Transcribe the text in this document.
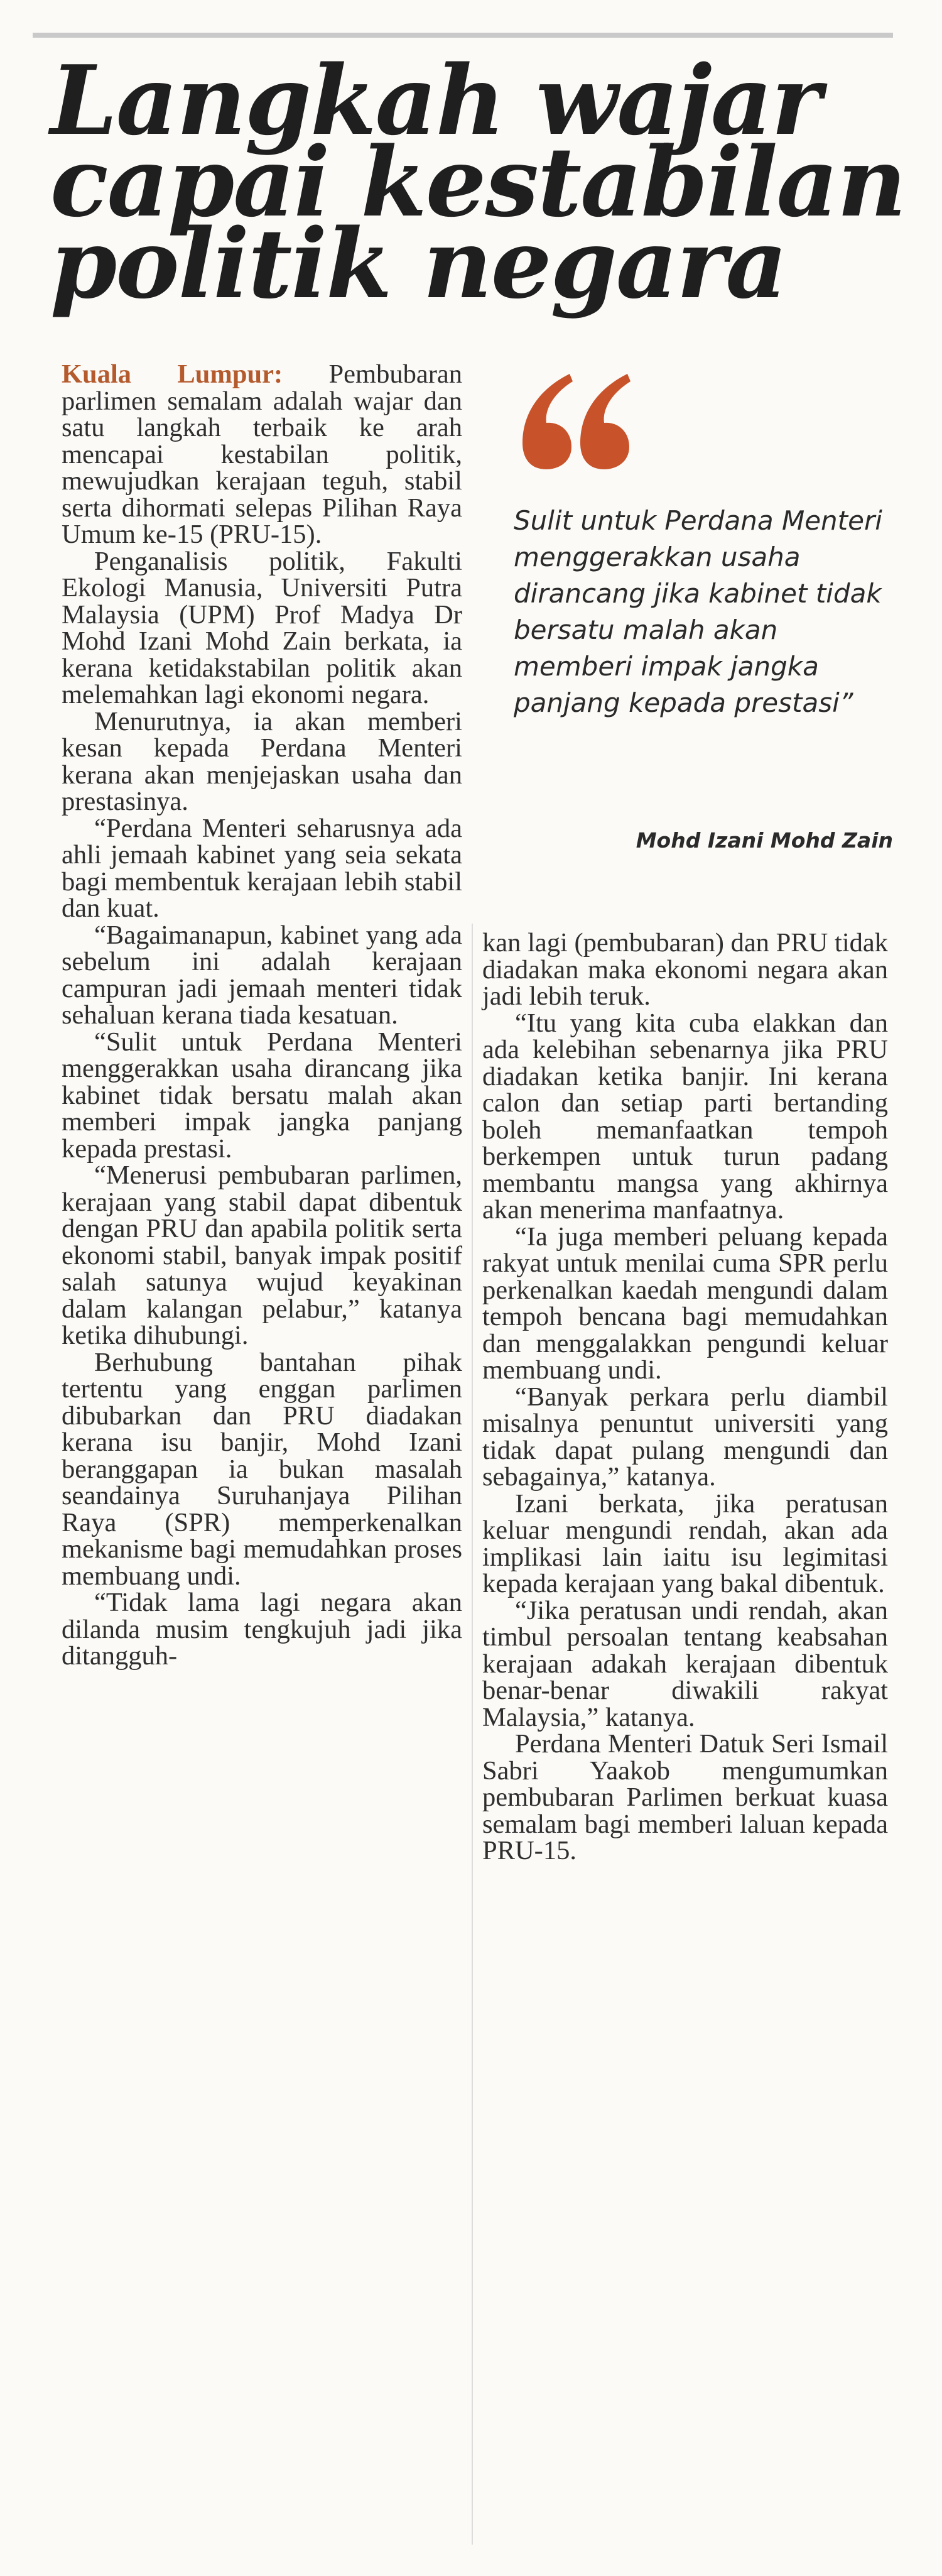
Langkah wajar
capai kestabilan
politik negara

Kuala Lumpur: Pembubaran parlimen semalam adalah wajar dan satu langkah terbaik ke arah mencapai kestabilan politik, mewujudkan kerajaan teguh, stabil serta dihormati selepas Pilihan Raya Umum ke-15 (PRU-15).

Penganalisis politik, Fakulti Ekologi Manusia, Universiti Putra Malaysia (UPM) Prof Madya Dr Mohd Izani Mohd Zain berkata, ia kerana ketidakstabilan politik akan melemahkan lagi ekonomi negara.

Menurutnya, ia akan memberi kesan kepada Perdana Menteri kerana akan menjejaskan usaha dan prestasinya.

“Perdana Menteri seharusnya ada ahli jemaah kabinet yang seia sekata bagi membentuk kerajaan lebih stabil dan kuat.

“Bagaimanapun, kabinet yang ada sebelum ini adalah kerajaan campuran jadi jemaah menteri tidak sehaluan kerana tiada kesatuan.

“Sulit untuk Perdana Menteri menggerakkan usaha dirancang jika kabinet tidak bersatu malah akan memberi impak jangka panjang kepada prestasi.

“Menerusi pembubaran parlimen, kerajaan yang stabil dapat dibentuk dengan PRU dan apabila politik serta ekonomi stabil, banyak impak positif salah satunya wujud keyakinan dalam kalangan pelabur,” katanya ketika dihubungi.

Berhubung bantahan pihak tertentu yang enggan parlimen dibubarkan dan PRU diadakan kerana isu banjir, Mohd Izani beranggapan ia bukan masalah seandainya Suruhanjaya Pilihan Raya (SPR) memperkenalkan mekanisme bagi memudahkan proses membuang undi.

“Tidak lama lagi negara akan dilanda musim tengkujuh jadi jika ditangguh-

Sulit untuk Perdana Menteri menggerakkan usaha dirancang jika kabinet tidak bersatu malah akan memberi impak jangka panjang kepada prestasi”
Mohd Izani Mohd Zain

kan lagi (pembubaran) dan PRU tidak diadakan maka ekonomi negara akan jadi lebih teruk.

“Itu yang kita cuba elakkan dan ada kelebihan sebenarnya jika PRU diadakan ketika banjir. Ini kerana calon dan setiap parti bertanding boleh memanfaatkan tempoh berkempen untuk turun padang membantu mangsa yang akhirnya akan menerima manfaatnya.

“Ia juga memberi peluang kepada rakyat untuk menilai cuma SPR perlu perkenalkan kaedah mengundi dalam tempoh bencana bagi memudahkan dan menggalakkan pengundi keluar membuang undi.

“Banyak perkara perlu diambil misalnya penuntut universiti yang tidak dapat pulang mengundi dan sebagainya,” katanya.

Izani berkata, jika peratusan keluar mengundi rendah, akan ada implikasi lain iaitu isu legimitasi kepada kerajaan yang bakal dibentuk.

“Jika peratusan undi rendah, akan timbul persoalan tentang keabsahan kerajaan adakah kerajaan dibentuk benar-benar diwakili rakyat Malaysia,” katanya.

Perdana Menteri Datuk Seri Ismail Sabri Yaakob mengumumkan pembubaran Parlimen berkuat kuasa semalam bagi memberi laluan kepada PRU-15.
